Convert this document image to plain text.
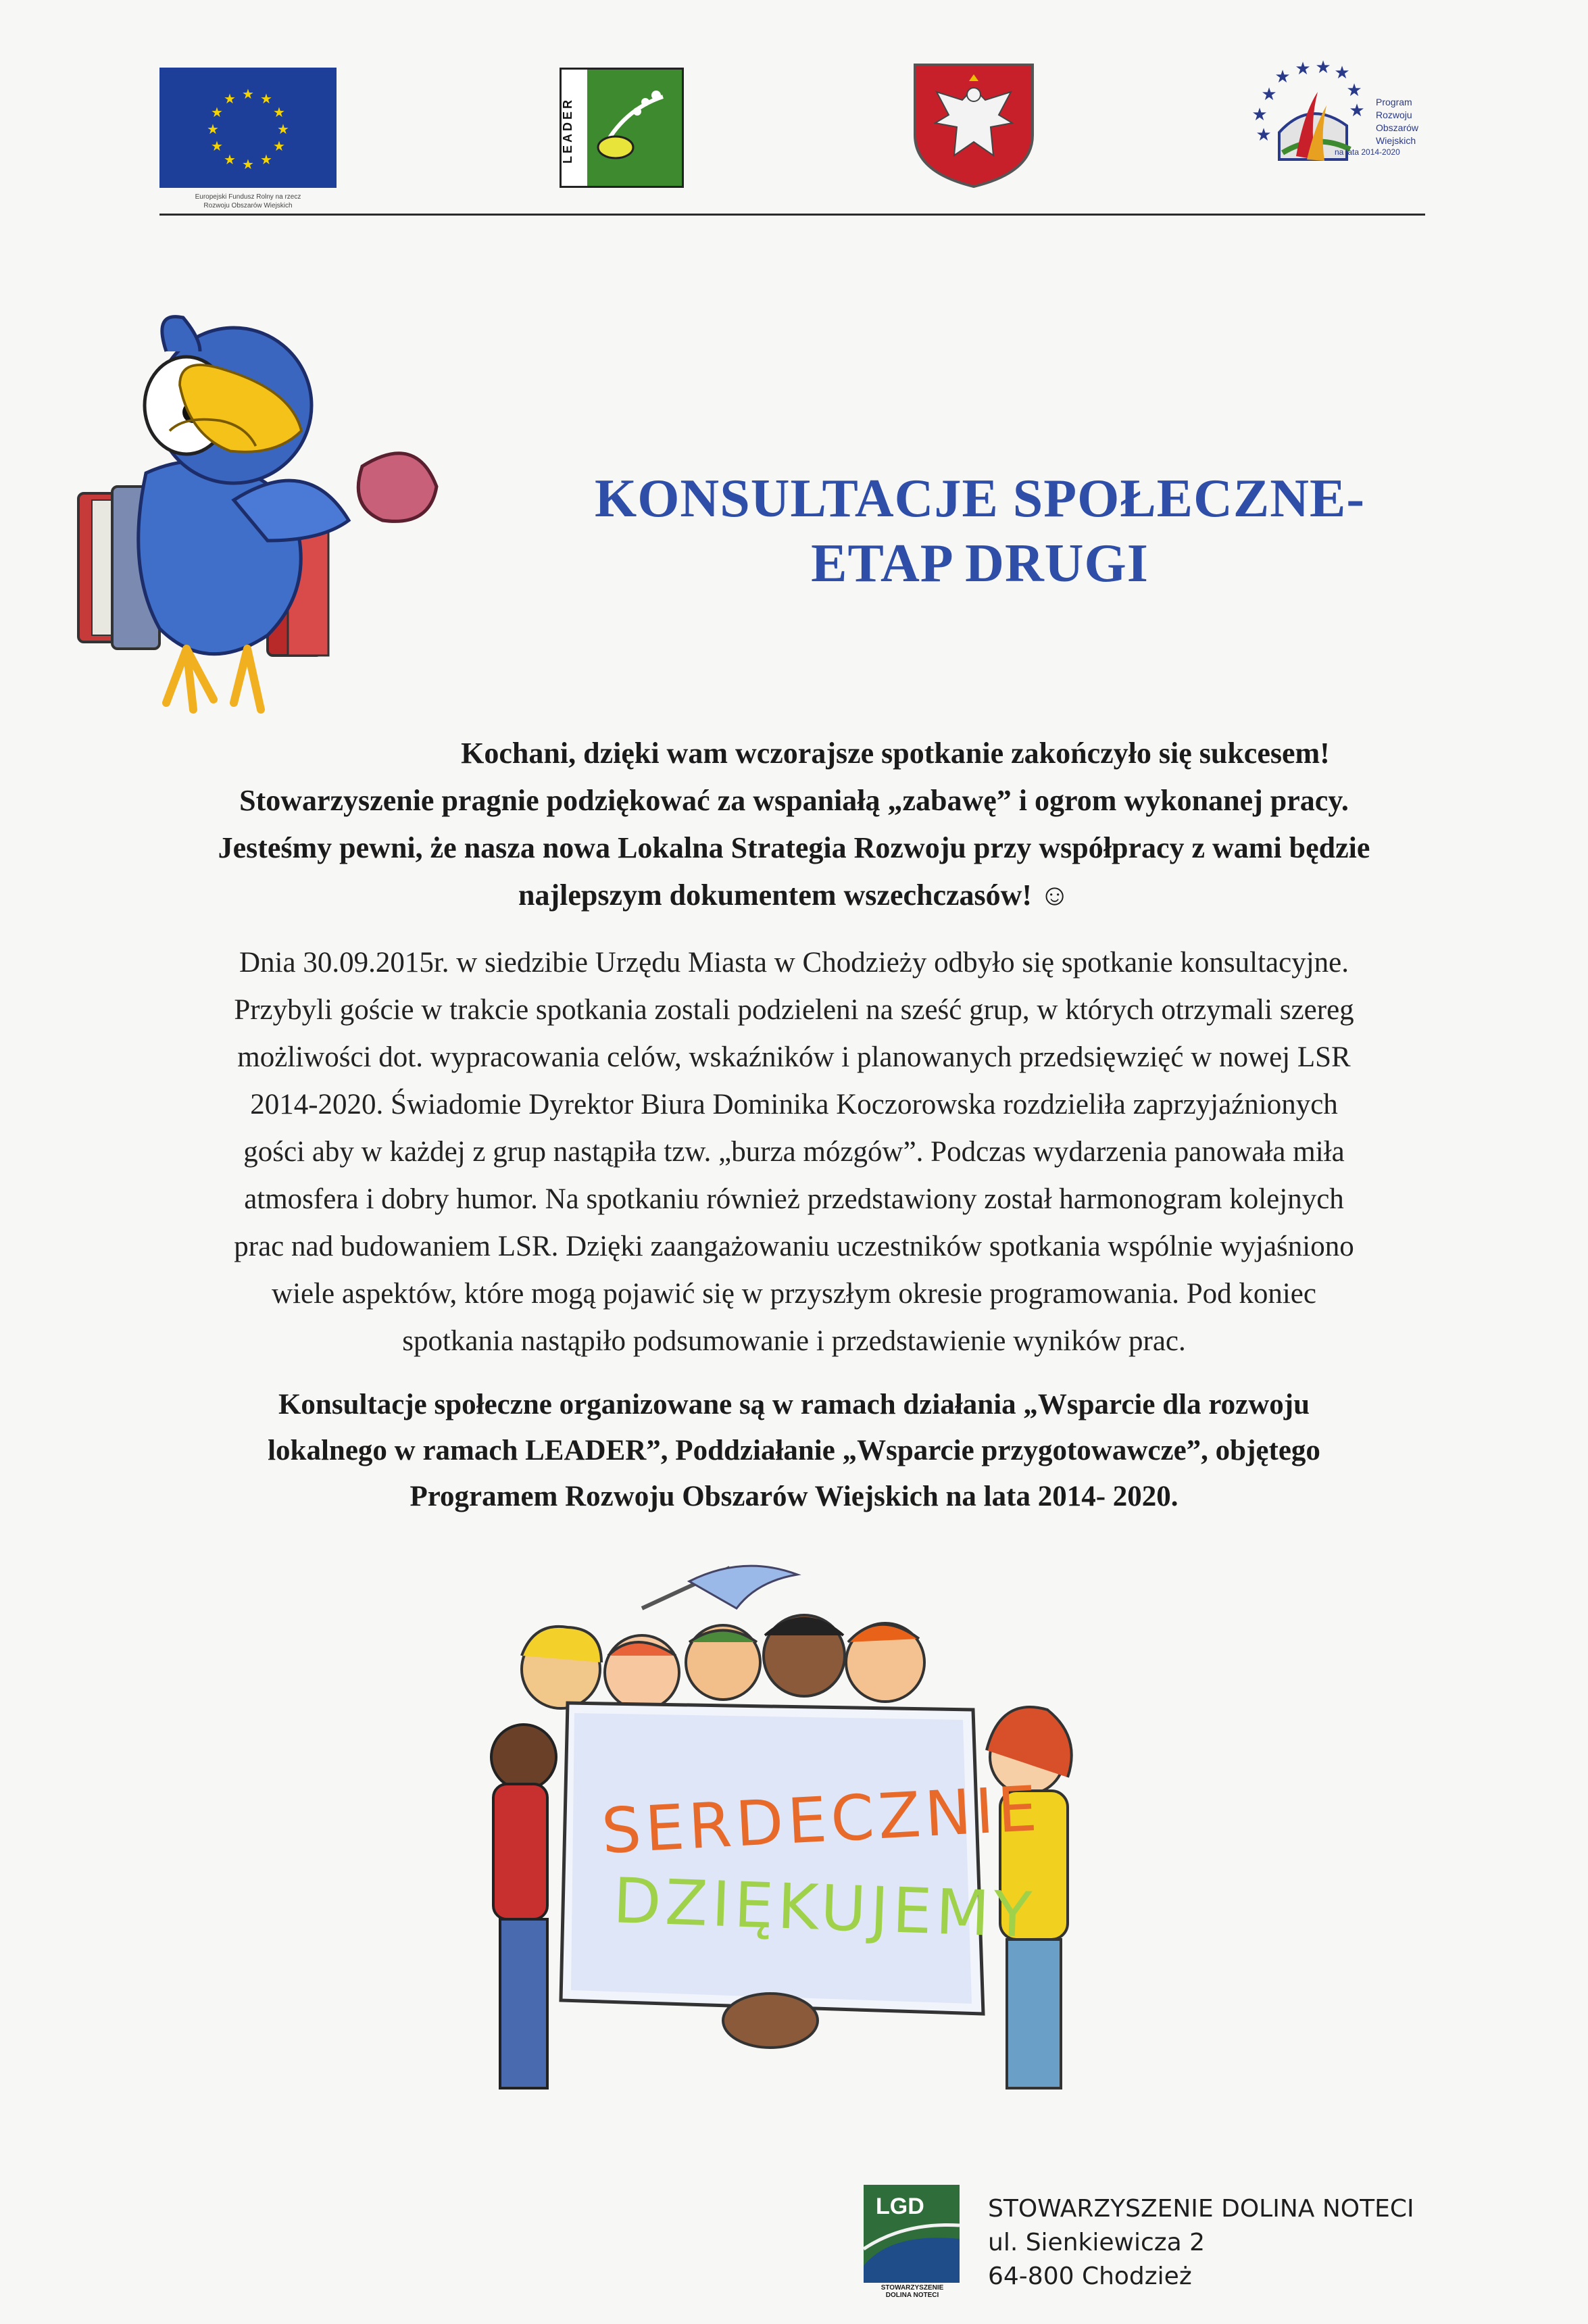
★ ★
★
★
★
★
★
★
★
★
★
★
Europejski Fundusz Rolny na rzecz
Rozwoju Obszarów Wiejskich
LEADER
★ ★ ★
★
★
★
★
★
★ Program
Rozwoju
Obszarów
Wiejskich
na lata 2014-2020
KONSULTACJE SPOŁECZNE-
ETAP DRUGI
Kochani, dzięki wam wczorajsze spotkanie zakończyło się sukcesem!
Stowarzyszenie pragnie podziękować za wspaniałą „zabawę” i ogrom wykonanej pracy.
Jesteśmy pewni, że nasza nowa Lokalna Strategia Rozwoju przy współpracy z wami będzie
najlepszym dokumentem wszechczasów! ☺
Dnia 30.09.2015r. w siedzibie Urzędu Miasta w Chodzieży odbyło się spotkanie konsultacyjne.
Przybyli goście w trakcie spotkania zostali podzieleni na sześć grup, w których otrzymali szereg
możliwości dot. wypracowania celów, wskaźników i planowanych przedsięwzięć w nowej LSR
2014-2020. Świadomie Dyrektor Biura Dominika Koczorowska rozdzieliła zaprzyjaźnionych
gości aby w każdej z grup nastąpiła tzw. „burza mózgów”. Podczas wydarzenia panowała miła
atmosfera i dobry humor. Na spotkaniu również przedstawiony został harmonogram kolejnych
prac nad budowaniem LSR. Dzięki zaangażowaniu uczestników spotkania wspólnie wyjaśniono
wiele aspektów, które mogą pojawić się w przyszłym okresie programowania. Pod koniec
spotkania nastąpiło podsumowanie i przedstawienie wyników prac.
Konsultacje społeczne organizowane są w ramach działania „Wsparcie dla rozwoju
lokalnego w ramach LEADER”, Poddziałanie „Wsparcie przygotowawcze”, objętego
Programem Rozwoju Obszarów Wiejskich na lata 2014- 2020.
SERDECZNIE
DZIĘKUJEMY
LGD
STOWARZYSZENIE
DOLINA NOTECI
STOWARZYSZENIE DOLINA NOTECI
ul. Sienkiewicza 2
64-800 Chodzież
